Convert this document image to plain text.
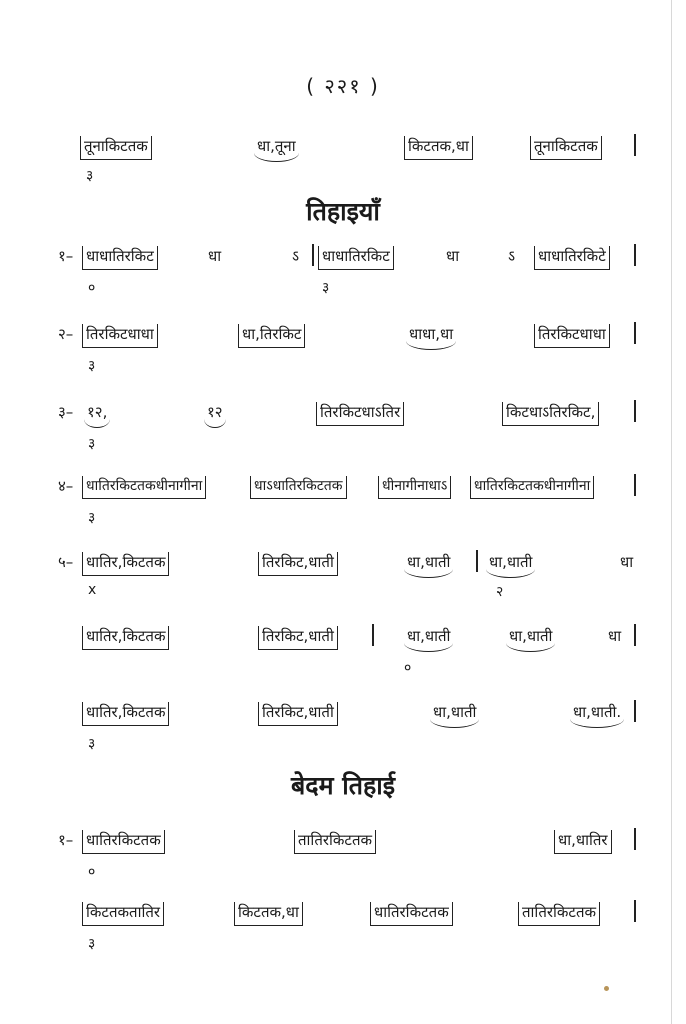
( २२१ )
तूनाकिटतक	धा,तूना	किटतक,धा	तूनाकिटतक
३
तिहाइयाँ
१– धाधातिरकिट	धा	ऽ धाधातिरकिट	धा	ऽ धाधातिरकिटे
०	३
२– तिरकिटधाधा	धा,तिरकिट	धाधा,धा	तिरकिटधाधा
३
३– १२,	१२	तिरकिटधाऽतिर	किटधाऽतिरकिट,
३
४– धातिरकिटतकधीनागीना	धाऽधातिरकिटतक	धीनागीनाधाऽ धातिरकिटतकधीनागीना
३
५– धातिर,किटतक	तिरकिट,धाती	धा,धाती	धा,धाती	धा
x	२
धातिर,किटतक	तिरकिट,धाती	धा,धाती	धा,धाती	धा
०
धातिर,किटतक	तिरकिट,धाती	धा,धाती	धा,धाती.
३
बेदम तिहाई
१– धातिरकिटतक	तातिरकिटतक	धा,धातिर
०
किटतकतातिर	किटतक,धा	धातिरकिटतक	तातिरकिटतक
३
